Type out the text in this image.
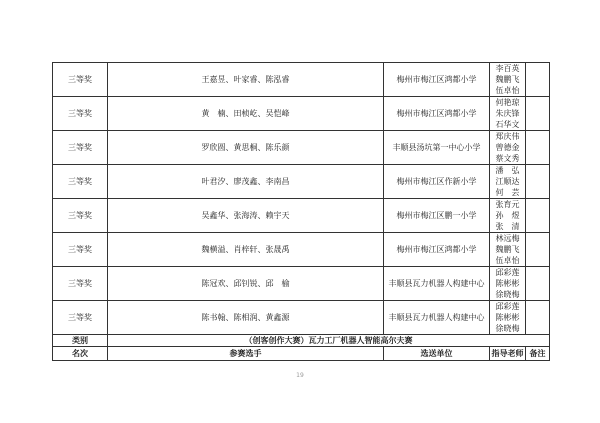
三等奖	王嘉昱、叶家睿、陈泓睿	梅州市梅江区鸿都小学	李百英
魏鹏飞
伍卓怡	

三等奖	黄　楠、田桢屹、吴恺峰	梅州市梅江区鸿都小学	何艳琼
朱庆锋
石华文	

三等奖	罗欣圆、黄思桐、陈乐颜	丰顺县汤坑第一中心小学	郑庆伟
曾德金
蔡文秀	

三等奖	叶君汐、廖茂鑫、李南昌	梅州市梅江区作新小学	潘　弘
江顺达
何　芸	

三等奖	吴鑫华、张海涛、赖宇天	梅州市梅江区鹏一小学	张育元
孙　煜
张　清	

三等奖	魏横溢、肖梓轩、张晟禹	梅州市梅江区鸿都小学	林远梅
魏鹏飞
伍卓怡	

三等奖	陈冠欢、邱钊锐、邱　榆	丰顺县瓦力机器人构建中心	邱彩莲
陈彬彬
徐晓梅	

三等奖	陈书翰、陈相润、黄鑫源	丰顺县瓦力机器人构建中心	邱彩莲
陈彬彬
徐晓梅	

类别	（创客创作大赛）瓦力工厂机器人智能高尔夫赛			
名次	参赛选手	选送单位	指导老师	备注
19
